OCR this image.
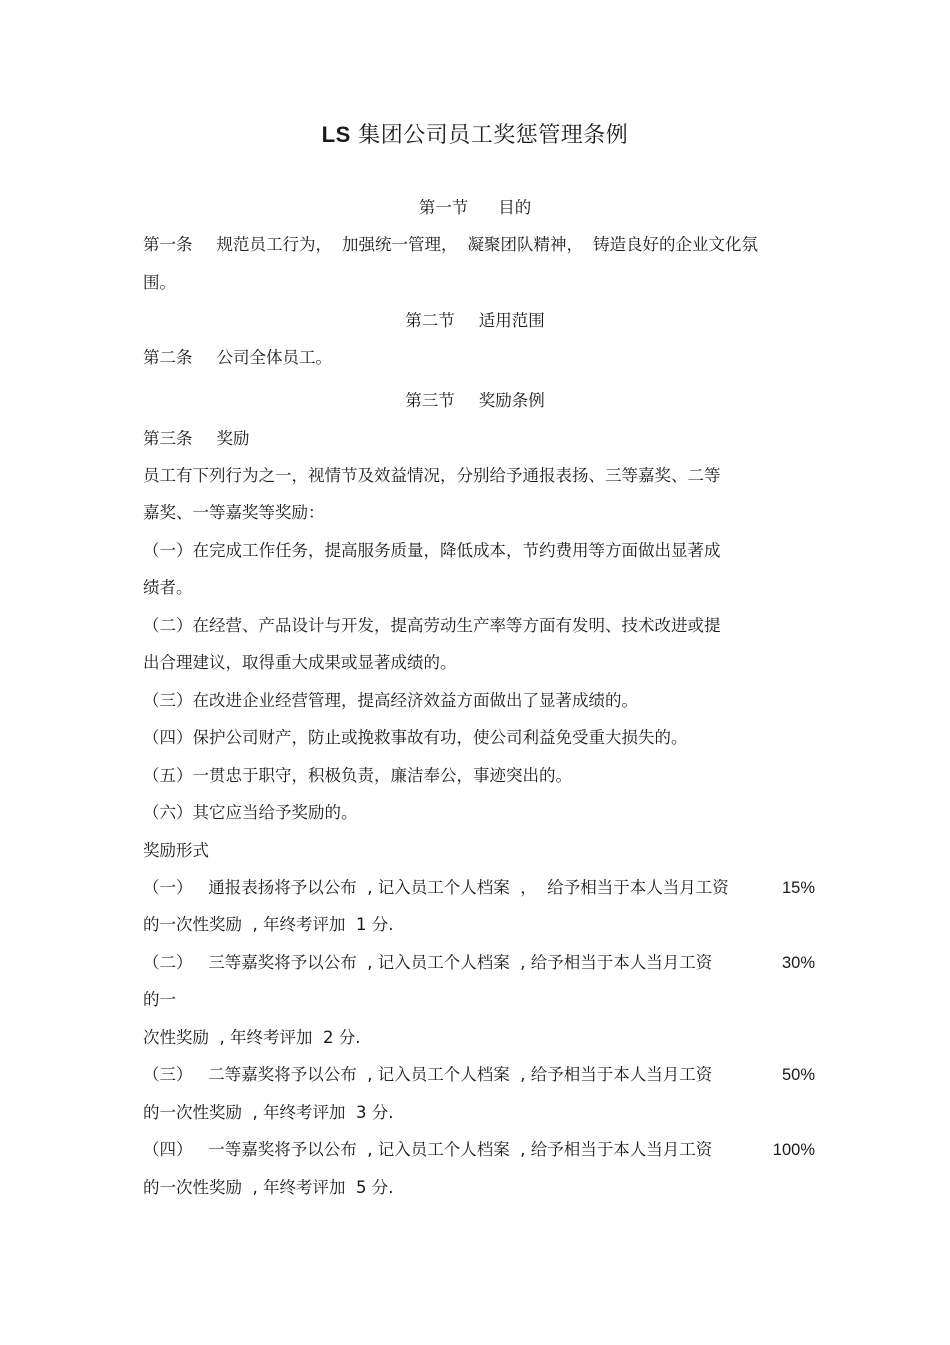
LS 集团公司员工奖惩管理条例
第一节 目的
第一条 规范员工行为， 加强统一管理， 凝聚团队精神， 铸造良好的企业文化氛
围。
第二节 适用范围
第二条 公司全体员工。
第三节 奖励条例
第三条 奖励
员工有下列行为之一，视情节及效益情况，分别给予通报表扬、三等嘉奖、二等
嘉奖、一等嘉奖等奖励：
（一）在完成工作任务，提高服务质量，降低成本，节约费用等方面做出显著成
绩者。
（二）在经营、产品设计与开发，提高劳动生产率等方面有发明、技术改进或提
出合理建议，取得重大成果或显著成绩的。
（三）在改进企业经营管理，提高经济效益方面做出了显著成绩的。
（四）保护公司财产，防止或挽救事故有功，使公司利益免受重大损失的。
（五）一贯忠于职守，积极负责，廉洁奉公，事迹突出的。
（六）其它应当给予奖励的。
奖励形式
（一）   通报表扬将予以公布  , 记入员工个人档案  ，  给予相当于本人当月工资	15%
的一次性奖励  , 年终考评加  1 分.
（二）   三等嘉奖将予以公布  , 记入员工个人档案  , 给予相当于本人当月工资	30%
的一
次性奖励  , 年终考评加  2 分.
（三）   二等嘉奖将予以公布  , 记入员工个人档案  , 给予相当于本人当月工资	50%
的一次性奖励  , 年终考评加  3 分.
（四）   一等嘉奖将予以公布  , 记入员工个人档案  , 给予相当于本人当月工资	100%
的一次性奖励  , 年终考评加  5 分.
